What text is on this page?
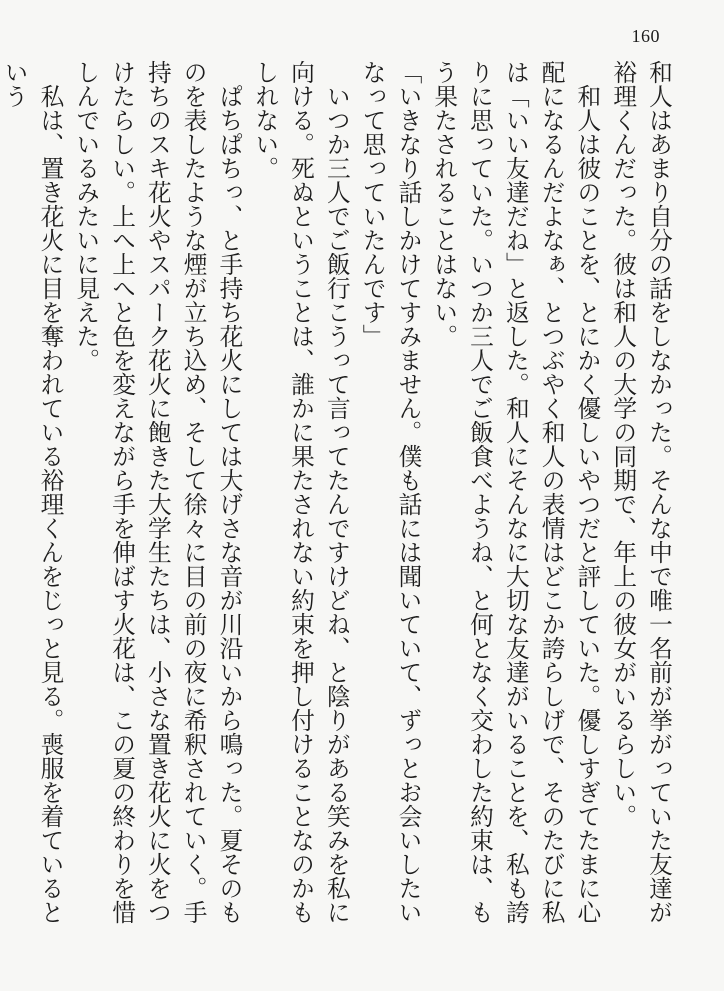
160

和人はあまり自分の話をしなかった。そんな中で唯一名前が挙がっていた友達が裕理くんだった。彼は和人の大学の同期で、年上の彼女がいるらしい。

和人は彼のことを、とにかく優しいやつだと評していた。優しすぎてたまに心配になるんだよなぁ、とつぶやく和人の表情はどこか誇らしげで、そのたびに私は「いい友達だね」と返した。和人にそんなに大切な友達がいることを、私も誇りに思っていた。いつか三人でご飯食べようね、と何となく交わした約束は、もう果たされることはない。

「いきなり話しかけてすみません。僕も話には聞いていて、ずっとお会いしたいなって思っていたんです」

いつか三人でご飯行こうって言ってたんですけどね、と陰りがある笑みを私に向ける。死ぬということは、誰かに果たされない約束を押し付けることなのかもしれない。

ぱちぱちっ、と手持ち花火にしては大げさな音が川沿いから鳴った。夏そのものを表したような煙が立ち込め、そして徐々に目の前の夜に希釈されていく。手持ちのスキ花火やスパーク花火に飽きた大学生たちは、小さな置き花火に火をつけたらしい。上へ上へと色を変えながら手を伸ばす火花は、この夏の終わりを惜しんでいるみたいに見えた。

私は、置き花火に目を奪われている裕理くんをじっと見る。喪服を着ているという
